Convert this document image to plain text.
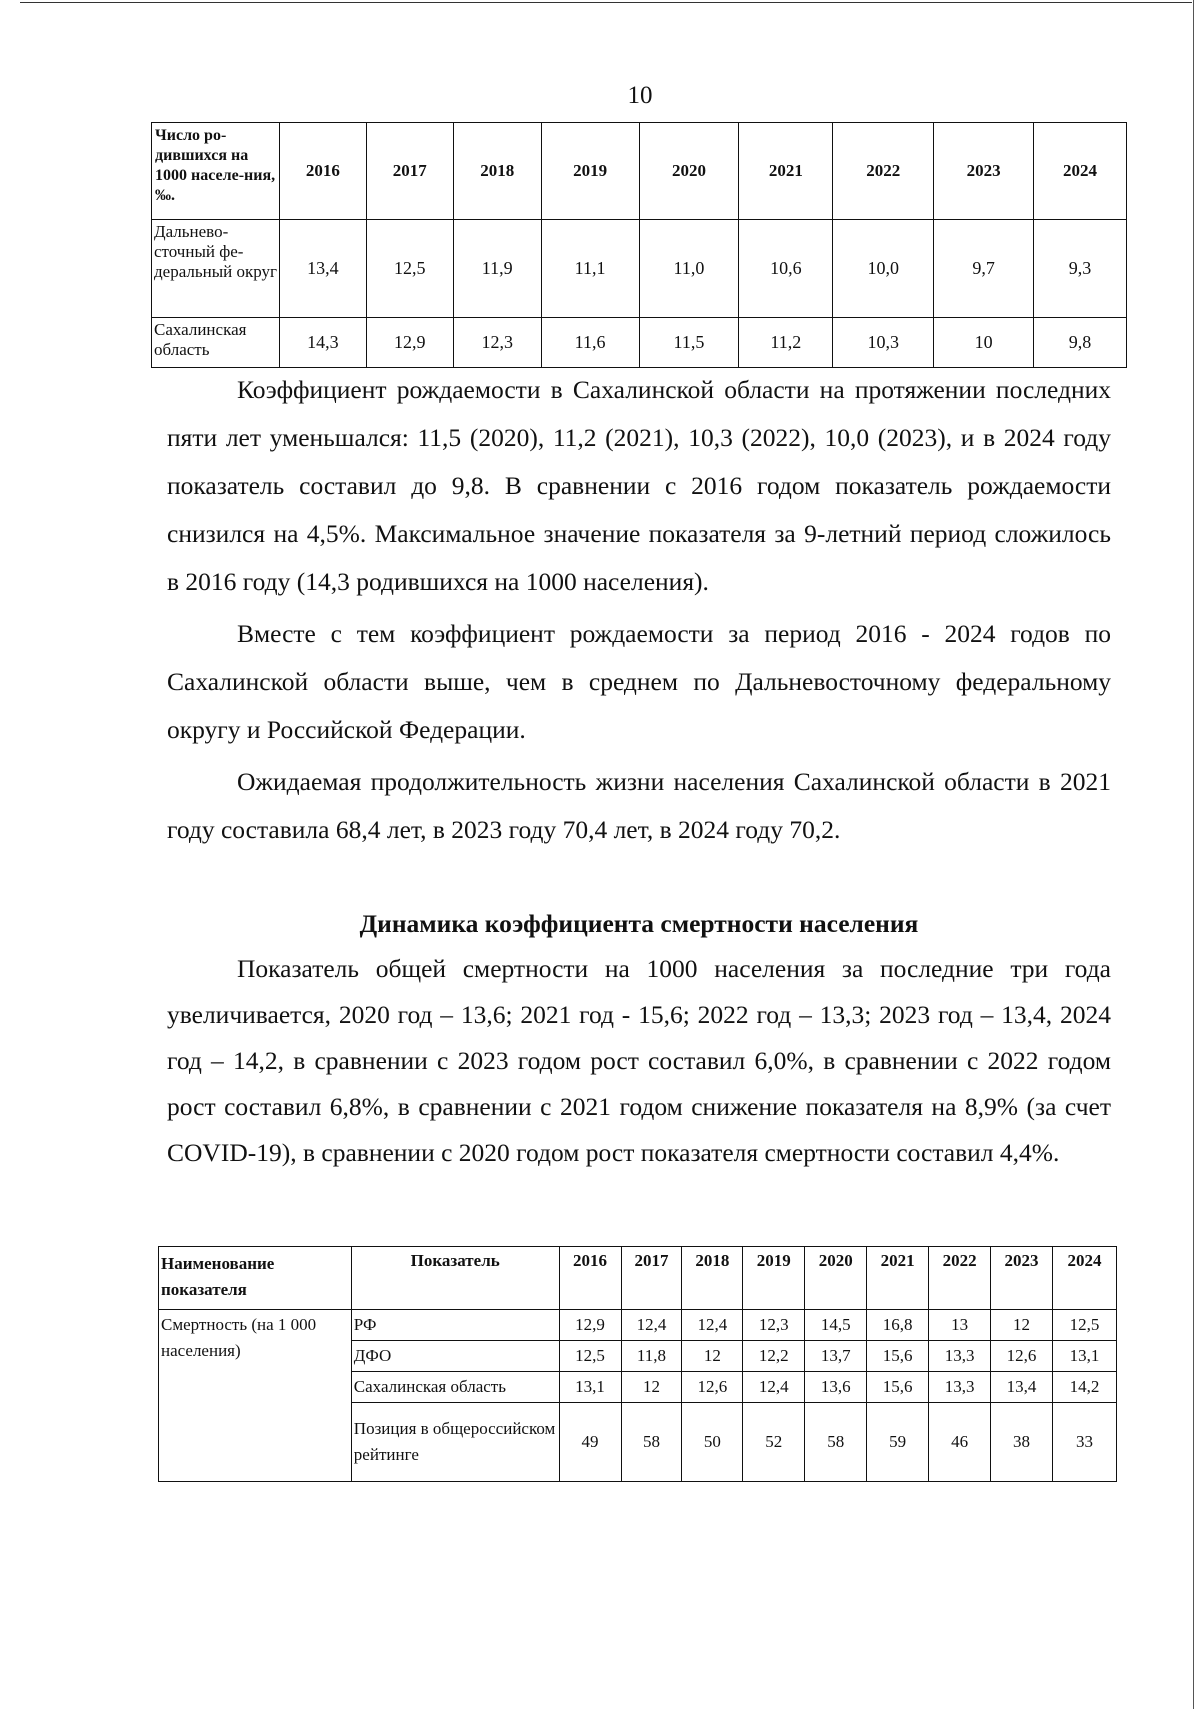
10
Число ро-дившихся на 1000 населе-ния, ‰.	2016	2017	2018	2019	2020	2021	2022	2023	2024
Дальнево-сточный фе-деральный округ	13,4	12,5	11,9	11,1	11,0	10,6	10,0	9,7	9,3
Сахалинская область	14,3	12,9	12,3	11,6	11,5	11,2	10,3	10	9,8

Коэффициент рождаемости в Сахалинской области на протяжении последних пяти лет уменьшался: 11,5 (2020), 11,2 (2021), 10,3 (2022), 10,0 (2023), и в 2024 году показатель составил до 9,8. В сравнении с 2016 годом показатель рождаемости снизился на 4,5%. Максимальное значение показателя за 9-летний период сложилось в 2016 году (14,3 родившихся на 1000 населения).

Вместе с тем коэффициент рождаемости за период 2016 - 2024 годов по Сахалинской области выше, чем в среднем по Дальневосточному федеральному округу и Российской Федерации.

Ожидаемая продолжительность жизни населения Сахалинской области в 2021 году составила 68,4 лет, в 2023 году 70,4 лет, в 2024 году 70,2.

Динамика коэффициента смертности населения

Показатель общей смертности на 1000 населения за последние три года увеличивается, 2020 год – 13,6; 2021 год - 15,6; 2022 год – 13,3; 2023 год – 13,4, 2024 год – 14,2, в сравнении с 2023 годом рост составил 6,0%, в сравнении с 2022 годом рост составил 6,8%, в сравнении с 2021 годом снижение показателя на 8,9% (за счет COVID-19), в сравнении с 2020 годом рост показателя смертности составил 4,4%.

Наименование показателя	Показатель	2016	2017	2018	2019	2020	2021	2022	2023	2024
Смертность (на 1 000 населения)	РФ	12,9	12,4	12,4	12,3	14,5	16,8	13	12	12,5
	ДФО	12,5	11,8	12	12,2	13,7	15,6	13,3	12,6	13,1
	Сахалинская область	13,1	12	12,6	12,4	13,6	15,6	13,3	13,4	14,2
	Позиция в общероссийском рейтинге	49	58	50	52	58	59	46	38	33
